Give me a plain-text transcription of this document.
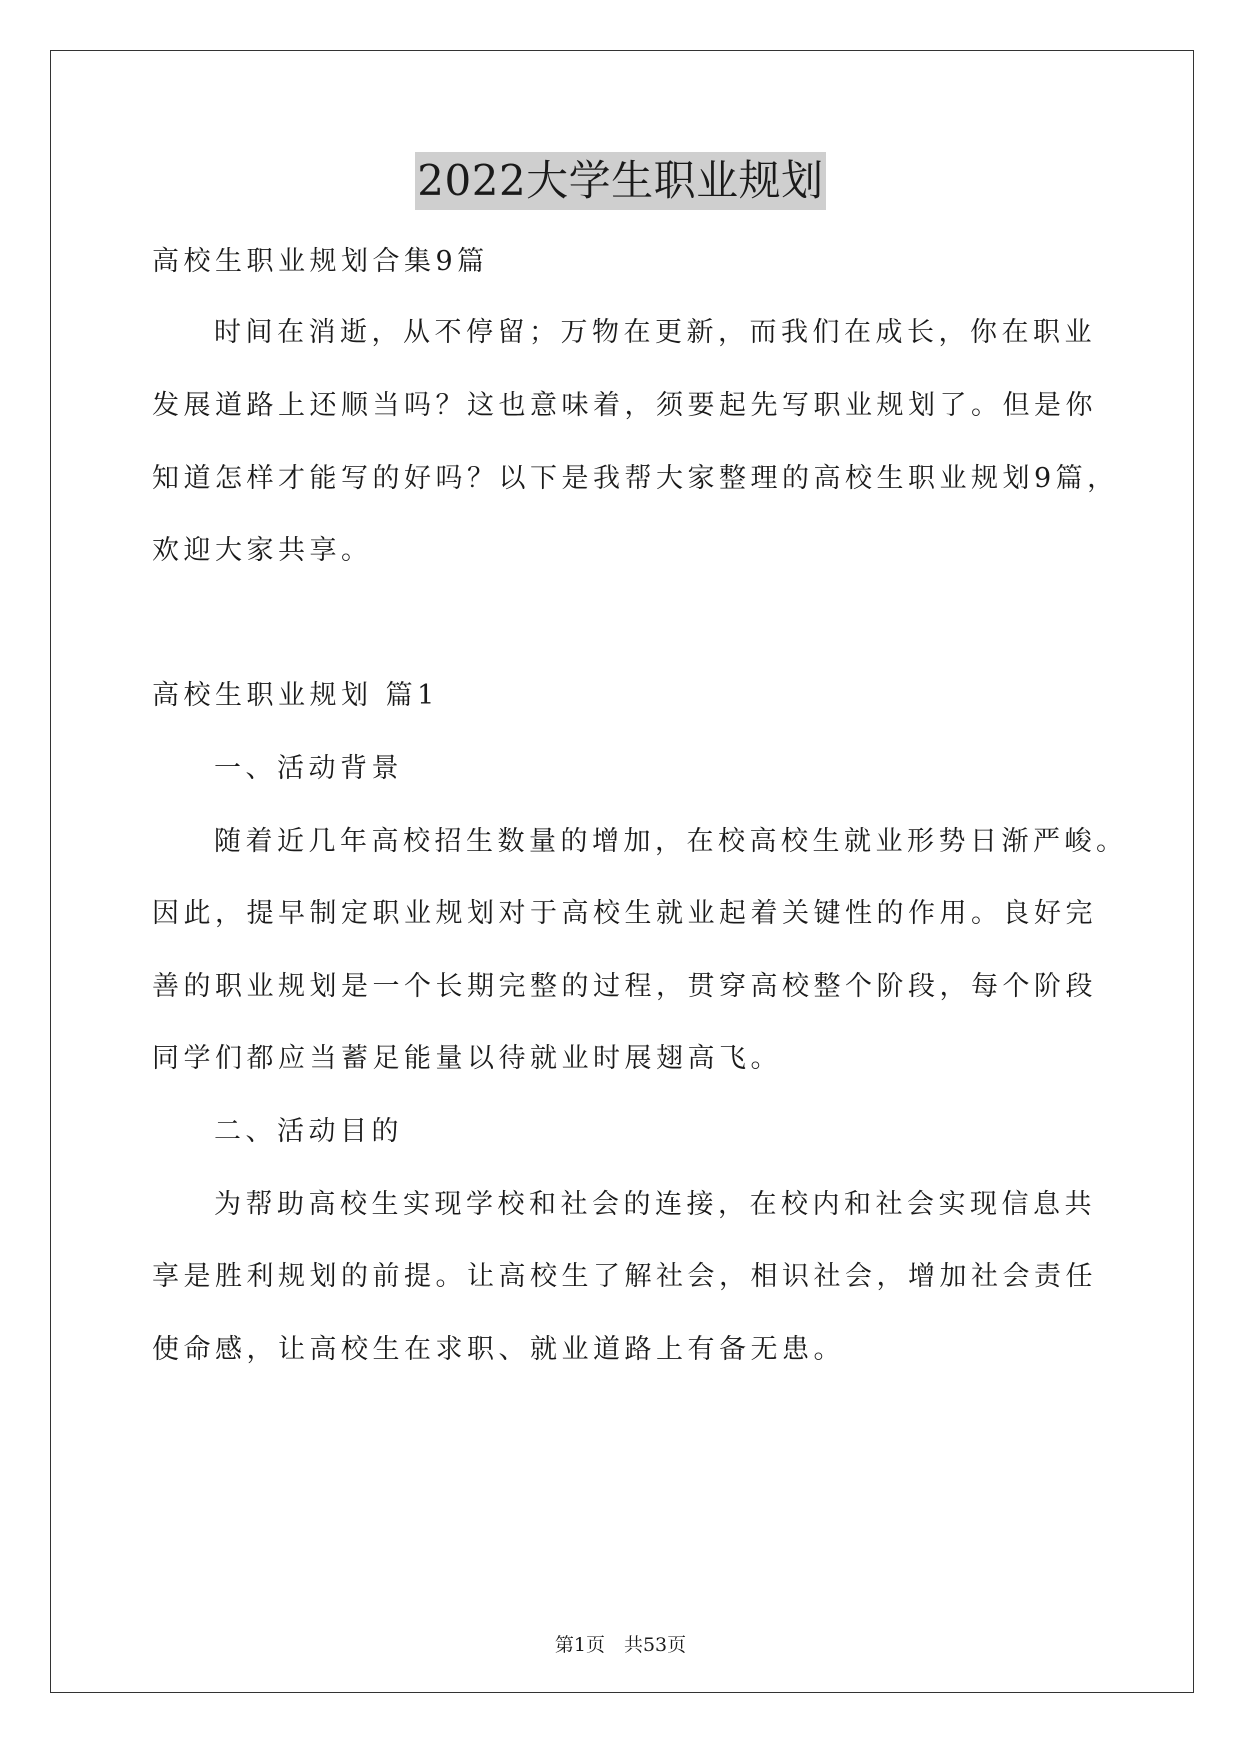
2022大学生职业规划
高校生职业规划合集9篇
时间在消逝，从不停留；万物在更新，而我们在成长，你在职业
发展道路上还顺当吗？这也意味着，须要起先写职业规划了。但是你
知道怎样才能写的好吗？以下是我帮大家整理的高校生职业规划9篇，
欢迎大家共享。
高校生职业规划 篇1
一、活动背景
随着近几年高校招生数量的增加，在校高校生就业形势日渐严峻。
因此，提早制定职业规划对于高校生就业起着关键性的作用。良好完
善的职业规划是一个长期完整的过程，贯穿高校整个阶段，每个阶段
同学们都应当蓄足能量以待就业时展翅高飞。
二、活动目的
为帮助高校生实现学校和社会的连接，在校内和社会实现信息共
享是胜利规划的前提。让高校生了解社会，相识社会，增加社会责任
使命感，让高校生在求职、就业道路上有备无患。
第1页　共53页
